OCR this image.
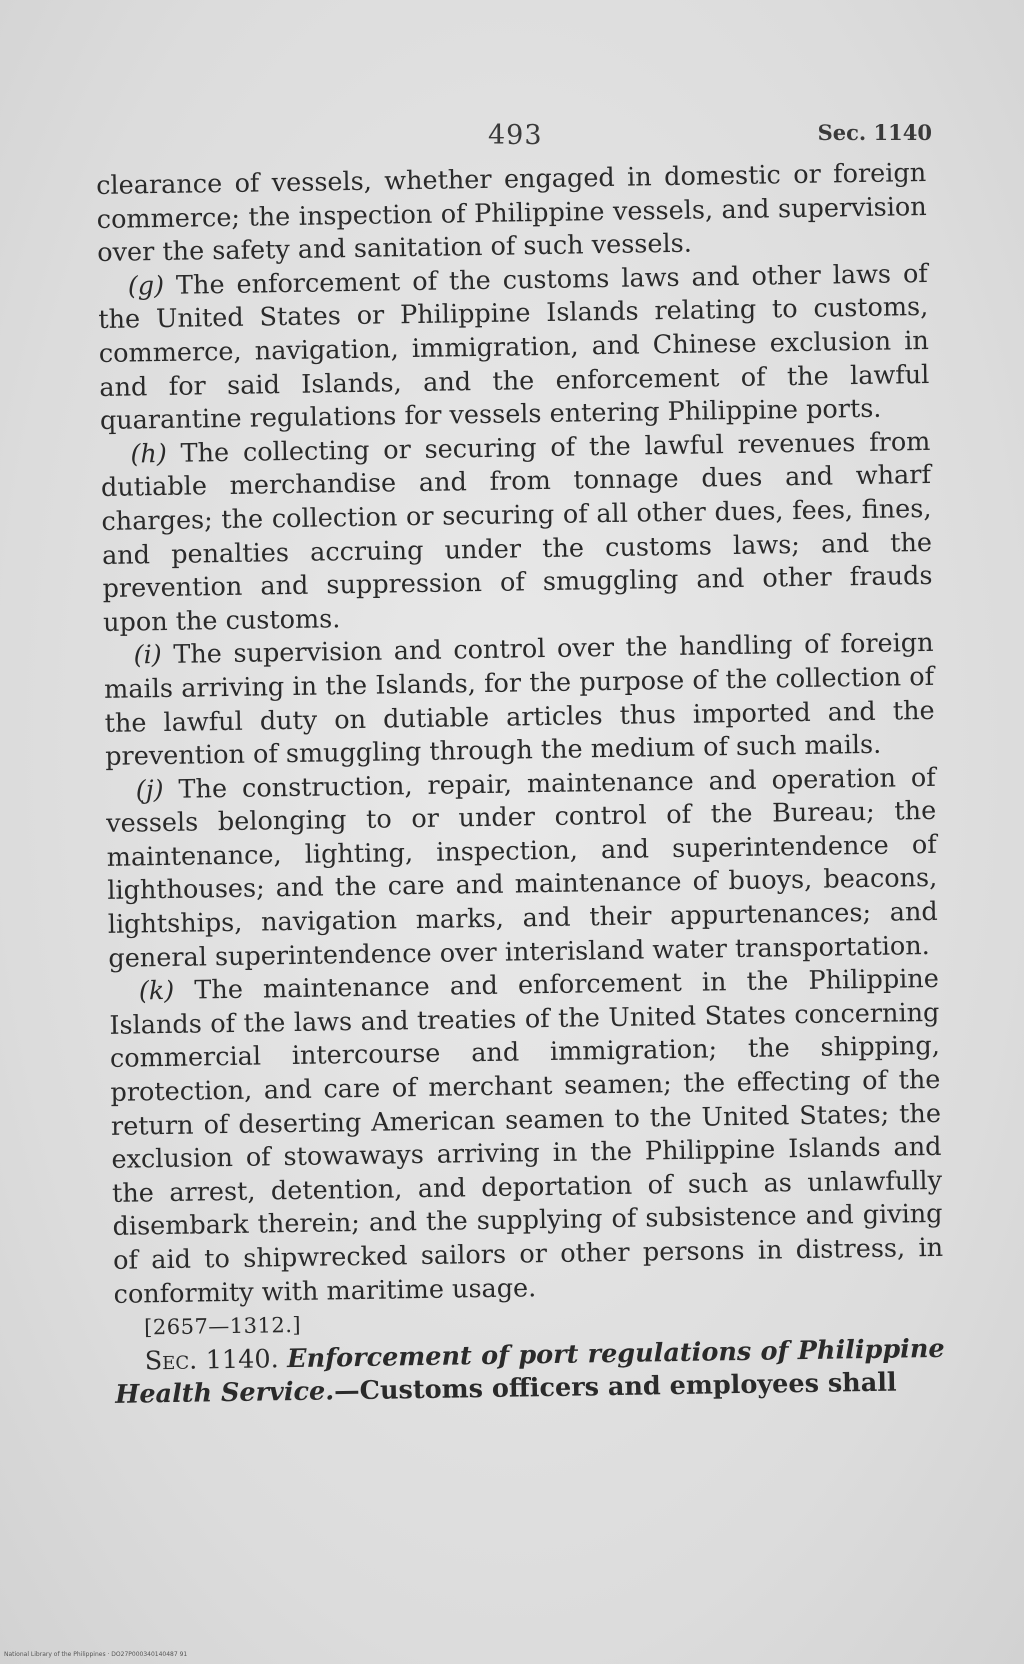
493	Sec. 1140

clearance of vessels, whether engaged in domestic or foreign commerce; the inspection of Philippine vessels, and supervision over the safety and sanitation of such vessels.

(g) The enforcement of the customs laws and other laws of the United States or Philippine Islands relating to customs, commerce, navigation, immigration, and Chinese exclusion in and for said Islands, and the enforcement of the lawful quarantine regulations for vessels entering Philippine ports.

(h) The collecting or securing of the lawful revenues from dutiable merchandise and from tonnage dues and wharf charges; the collection or securing of all other dues, fees, fines, and penalties accruing under the customs laws; and the prevention and suppression of smuggling and other frauds upon the customs.

(i) The supervision and control over the handling of foreign mails arriving in the Islands, for the purpose of the collection of the lawful duty on dutiable articles thus imported and the prevention of smuggling through the medium of such mails.

(j) The construction, repair, maintenance and operation of vessels belonging to or under control of the Bureau; the maintenance, lighting, inspection, and superintendence of lighthouses; and the care and maintenance of buoys, beacons, lightships, navigation marks, and their appurtenances; and general superintendence over interisland water transportation.

(k) The maintenance and enforcement in the Philippine Islands of the laws and treaties of the United States concerning commercial intercourse and immigration; the shipping, protection, and care of merchant seamen; the effecting of the return of deserting American seamen to the United States; the exclusion of stowaways arriving in the Philippine Islands and the arrest, detention, and deportation of such as unlawfully disembark therein; and the supplying of subsistence and giving of aid to shipwrecked sailors or other persons in distress, in conformity with maritime usage.

[2657—1312.]

Sec. 1140. Enforcement of port regulations of Philippine Health Service.—Customs officers and employees shall

National Library of the Philippines · DO27P000340140487 91
